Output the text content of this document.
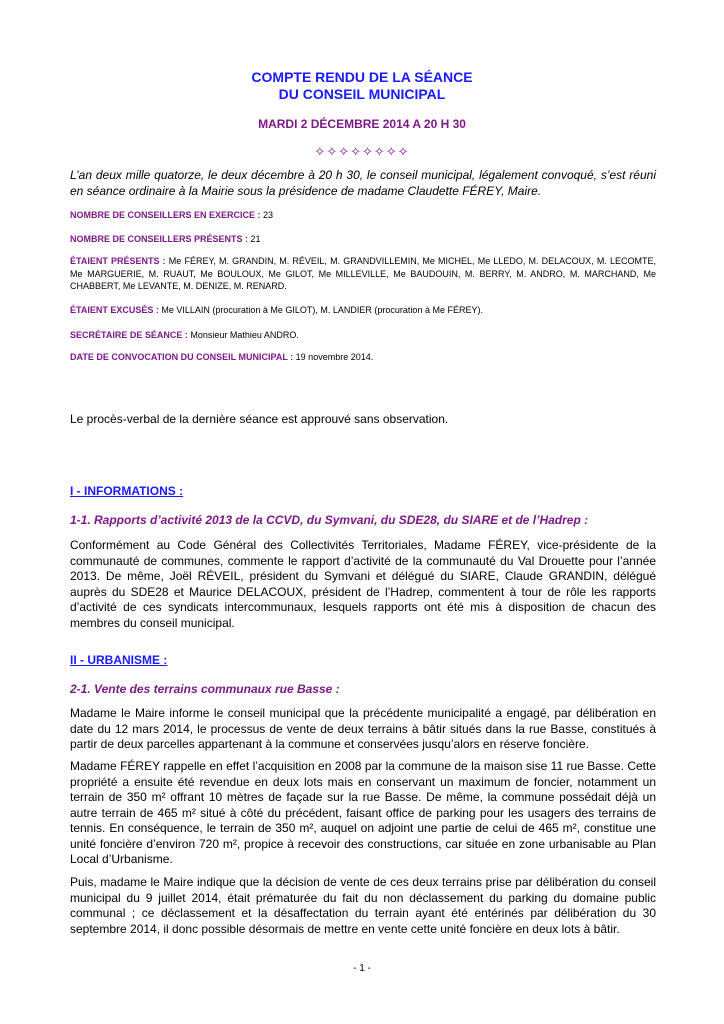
COMPTE RENDU DE LA SÉANCE
DU CONSEIL MUNICIPAL
MARDI 2 DÉCEMBRE 2014 A 20 H 30
✧✧✧✧✧✧✧✧
L’an deux mille quatorze, le deux décembre à 20 h 30, le conseil municipal, légalement convoqué, s’est réuni en séance ordinaire à la Mairie sous la présidence de madame Claudette FÉREY, Maire.
NOMBRE DE CONSEILLERS EN EXERCICE : 23
NOMBRE DE CONSEILLERS PRÉSENTS : 21
ÉTAIENT PRÉSENTS : Me FÉREY, M. GRANDIN, M. RÉVEIL, M. GRANDVILLEMIN, Me MICHEL, Me LLEDO, M. DELACOUX, M. LECOMTE, Me MARGUERIE, M. RUAUT, Me BOULOUX, Me GILOT, Me MILLEVILLE, Me BAUDOUIN, M. BERRY, M. ANDRO, M. MARCHAND, Me CHABBERT, Me LEVANTE, M. DENIZE, M. RENARD.
ÉTAIENT EXCUSÉS : Me VILLAIN (procuration à Me GILOT), M. LANDIER (procuration à Me FÉREY).
SECRÉTAIRE DE SÉANCE : Monsieur Mathieu ANDRO.
DATE DE CONVOCATION DU CONSEIL MUNICIPAL : 19 novembre 2014.
Le procès-verbal de la dernière séance est approuvé sans observation.
I - INFORMATIONS :
1-1. Rapports d’activité 2013 de la CCVD, du Symvani, du SDE28, du SIARE et de l’Hadrep :
Conformément au Code Général des Collectivités Territoriales, Madame FÉREY, vice-présidente de la communauté de communes, commente le rapport d’activité de la communauté du Val Drouette pour l’année 2013. De même, Joël RÉVEIL, président du Symvani et délégué du SIARE, Claude GRANDIN, délégué auprès du SDE28 et Maurice DELACOUX, président de l’Hadrep, commentent à tour de rôle les rapports d’activité de ces syndicats intercommunaux, lesquels rapports ont été mis à disposition de chacun des membres du conseil municipal.
II - URBANISME :
2-1. Vente des terrains communaux rue Basse :
Madame le Maire informe le conseil municipal que la précédente municipalité a engagé, par délibération en date du 12 mars 2014, le processus de vente de deux terrains à bâtir situés dans la rue Basse, constitués à partir de deux parcelles appartenant à la commune et conservées jusqu’alors en réserve foncière.
Madame FÉREY rappelle en effet l’acquisition en 2008 par la commune de la maison sise 11 rue Basse. Cette propriété a ensuite été revendue en deux lots mais en conservant un maximum de foncier, notamment un terrain de 350 m² offrant 10 mètres de façade sur la rue Basse. De même, la commune possédait déjà un autre terrain de 465 m² situé à côté du précédent, faisant office de parking pour les usagers des terrains de tennis. En conséquence, le terrain de 350 m², auquel on adjoint une partie de celui de 465 m², constitue une unité foncière d’environ 720 m², propice à recevoir des constructions, car située en zone urbanisable au Plan Local d’Urbanisme.
Puis, madame le Maire indique que la décision de vente de ces deux terrains prise par délibération du conseil municipal du 9 juillet 2014, était prématurée du fait du non déclassement du parking du domaine public communal ; ce déclassement et la désaffectation du terrain ayant été entérinés par délibération du 30 septembre 2014, il donc possible désormais de mettre en vente cette unité foncière en deux lots à bâtir.
- 1 -
